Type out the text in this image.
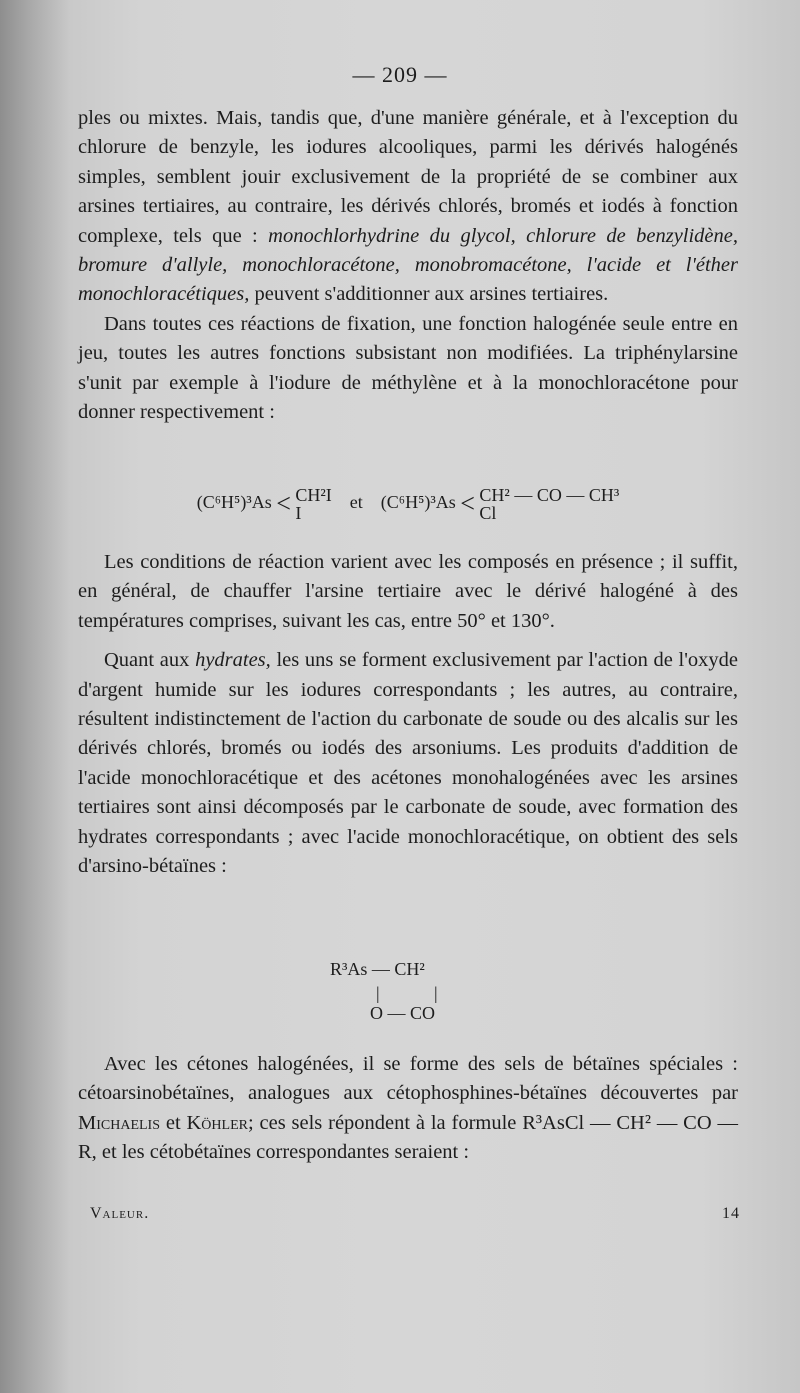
— 209 —

ples ou mixtes. Mais, tandis que, d'une manière générale, et à l'exception du chlorure de benzyle, les iodures alcooliques, parmi les dérivés halogénés simples, semblent jouir exclusivement de la propriété de se combiner aux arsines tertiaires, au contraire, les dérivés chlorés, bromés et iodés à fonction complexe, tels que : monochlorhydrine du glycol, chlorure de benzylidène, bromure d'allyle, monochloracétone, monobromacétone, l'acide et l'éther monochloracétiques, peuvent s'additionner aux arsines tertiaires.

Dans toutes ces réactions de fixation, une fonction halogénée seule entre en jeu, toutes les autres fonctions subsistant non modifiées. La triphénylarsine s'unit par exemple à l'iodure de méthylène et à la monochloracétone pour donner respectivement :

(C⁶H⁵)³As < CH²I
I
et (C⁶H⁵)³As < CH² — CO — CH³
Cl

Les conditions de réaction varient avec les composés en présence ; il suffit, en général, de chauffer l'arsine tertiaire avec le dérivé halogéné à des températures comprises, suivant les cas, entre 50° et 130°.

Quant aux hydrates, les uns se forment exclusivement par l'action de l'oxyde d'argent humide sur les iodures correspondants ; les autres, au contraire, résultent indistinctement de l'action du carbonate de soude ou des alcalis sur les dérivés chlorés, bromés ou iodés des arsoniums. Les produits d'addition de l'acide monochloracétique et des acétones monohalogénées avec les arsines tertiaires sont ainsi décomposés par le carbonate de soude, avec formation des hydrates correspondants ; avec l'acide monochloracétique, on obtient des sels d'arsino-bétaïnes :

R³As — CH²
|	|
O — CO

Avec les cétones halogénées, il se forme des sels de bétaïnes spéciales : cétoarsinobétaïnes, analogues aux cétophosphines-bétaïnes découvertes par Michaelis et Köhler; ces sels répondent à la formule R³AsCl — CH² — CO — R, et les cétobétaïnes correspondantes seraient :

Valeur.	14
